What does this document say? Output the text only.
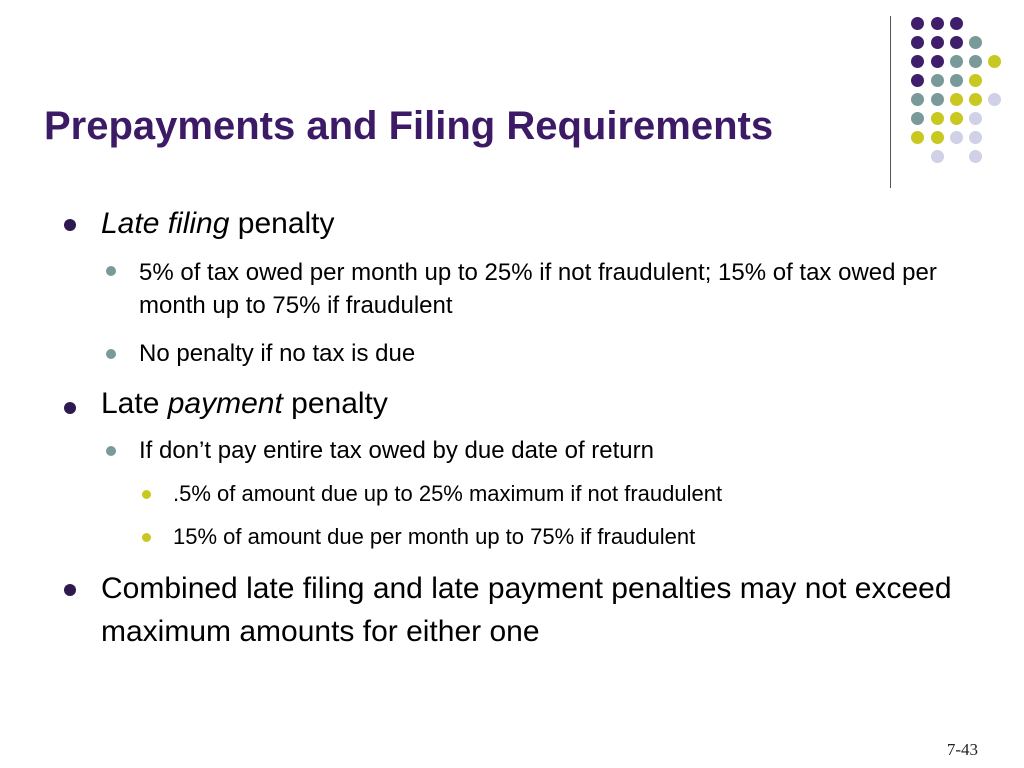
Prepayments and Filing Requirements

Late filing penalty

5% of tax owed per month up to 25% if not fraudulent; 15% of tax owed per month up to 75% if fraudulent

No penalty if no tax is due

Late payment penalty

If don’t pay entire tax owed by due date of return

.5% of amount due up to 25% maximum if not fraudulent

15% of amount due per month up to 75% if fraudulent

Combined late filing and late payment penalties may not exceed maximum amounts for either one

7-43
